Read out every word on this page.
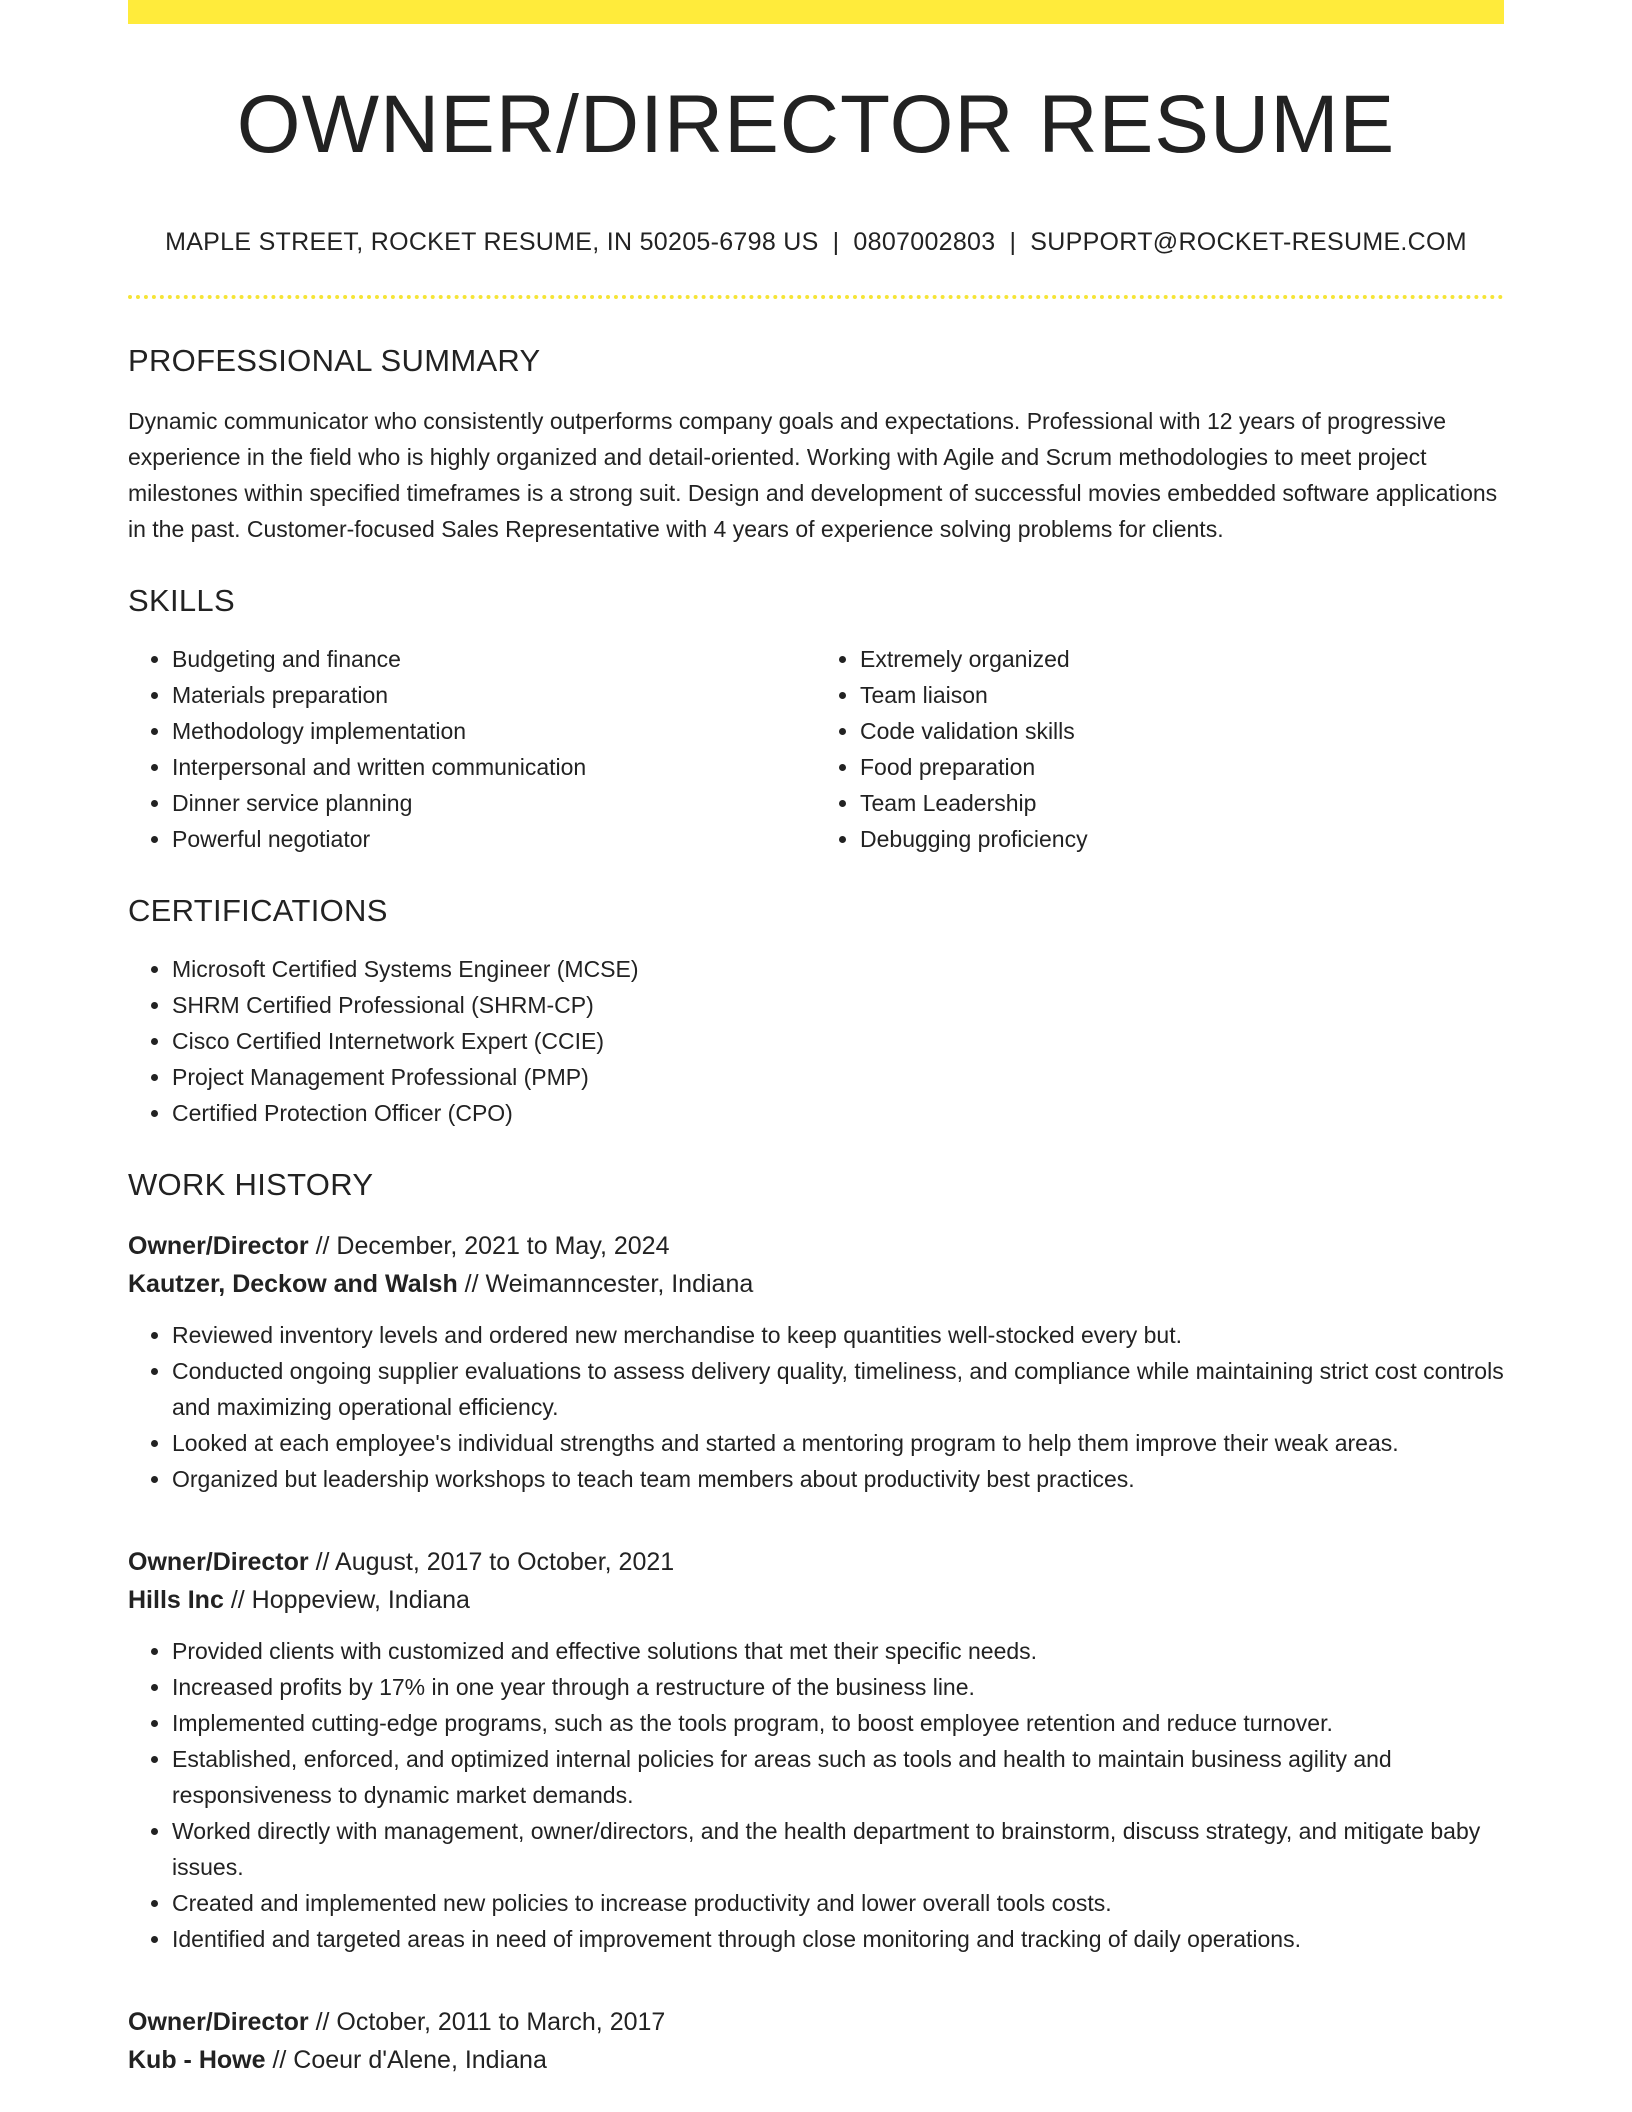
OWNER/DIRECTOR RESUME
MAPLE STREET, ROCKET RESUME, IN 50205-6798 US | 0807002803 | SUPPORT@ROCKET-RESUME.COM
PROFESSIONAL SUMMARY
Dynamic communicator who consistently outperforms company goals and expectations. Professional with 12 years of progressive experience in the field who is highly organized and detail-oriented. Working with Agile and Scrum methodologies to meet project milestones within specified timeframes is a strong suit. Design and development of successful movies embedded software applications in the past. Customer-focused Sales Representative with 4 years of experience solving problems for clients.
SKILLS
• Budgeting and finance
• Materials preparation
• Methodology implementation
• Interpersonal and written communication
• Dinner service planning
• Powerful negotiator
• Extremely organized
• Team liaison
• Code validation skills
• Food preparation
• Team Leadership
• Debugging proficiency
CERTIFICATIONS
• Microsoft Certified Systems Engineer (MCSE)
• SHRM Certified Professional (SHRM-CP)
• Cisco Certified Internetwork Expert (CCIE)
• Project Management Professional (PMP)
• Certified Protection Officer (CPO)
WORK HISTORY
Owner/Director // December, 2021 to May, 2024
Kautzer, Deckow and Walsh // Weimanncester, Indiana
• Reviewed inventory levels and ordered new merchandise to keep quantities well-stocked every but.
• Conducted ongoing supplier evaluations to assess delivery quality, timeliness, and compliance while maintaining strict cost controls and maximizing operational efficiency.
• Looked at each employee's individual strengths and started a mentoring program to help them improve their weak areas.
• Organized but leadership workshops to teach team members about productivity best practices.
Owner/Director // August, 2017 to October, 2021
Hills Inc // Hoppeview, Indiana
• Provided clients with customized and effective solutions that met their specific needs.
• Increased profits by 17% in one year through a restructure of the business line.
• Implemented cutting-edge programs, such as the tools program, to boost employee retention and reduce turnover.
• Established, enforced, and optimized internal policies for areas such as tools and health to maintain business agility and responsiveness to dynamic market demands.
• Worked directly with management, owner/directors, and the health department to brainstorm, discuss strategy, and mitigate baby issues.
• Created and implemented new policies to increase productivity and lower overall tools costs.
• Identified and targeted areas in need of improvement through close monitoring and tracking of daily operations.
Owner/Director // October, 2011 to March, 2017
Kub - Howe // Coeur d'Alene, Indiana
